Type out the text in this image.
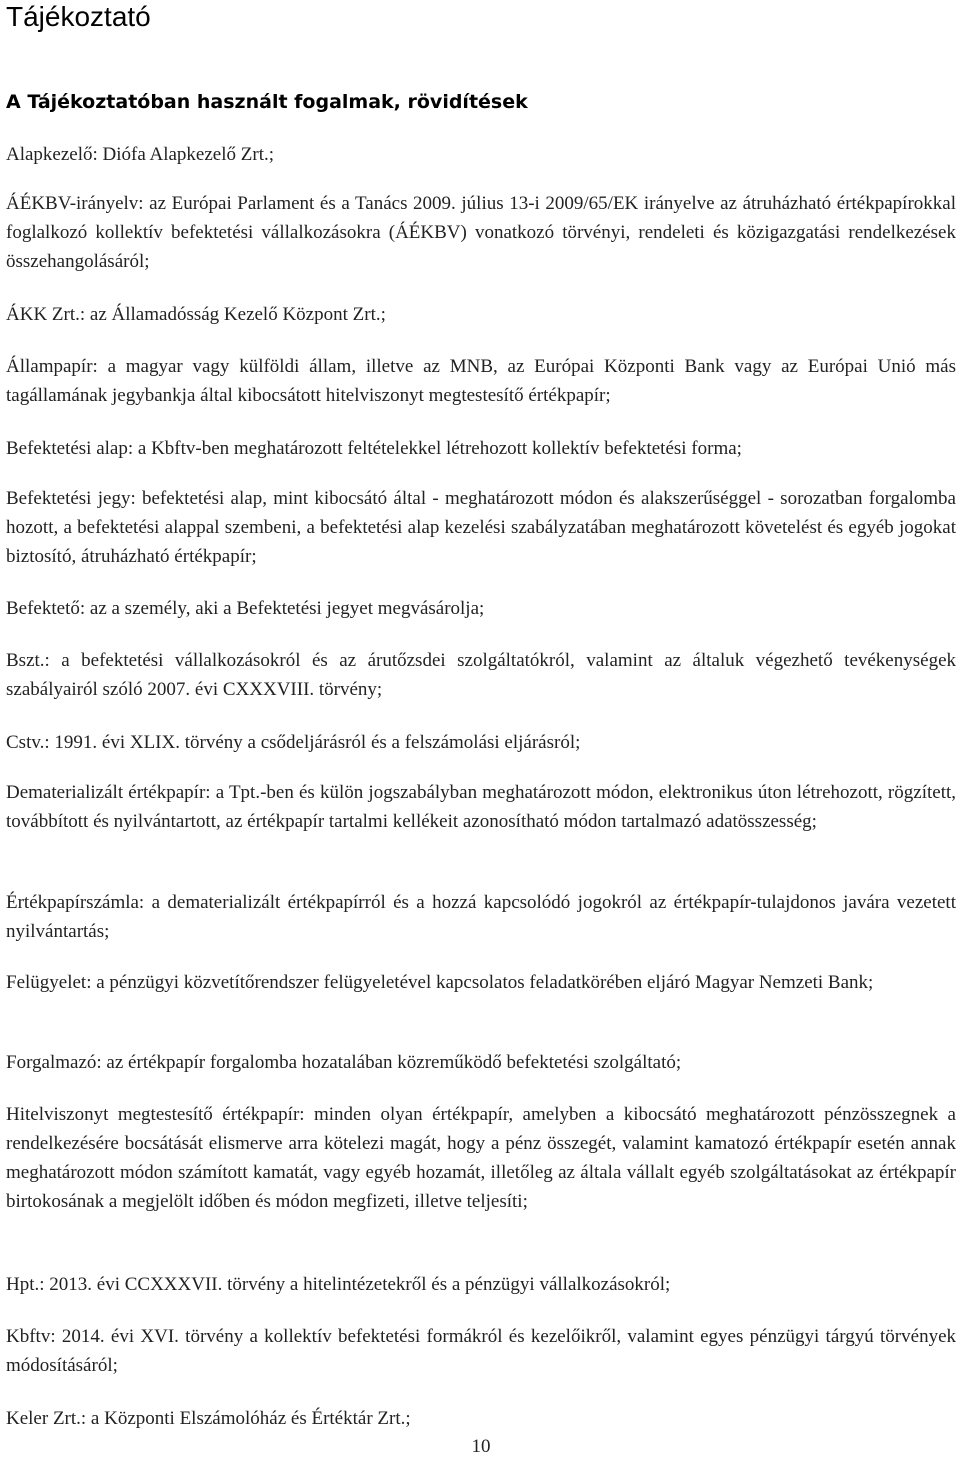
Tájékoztató
A Tájékoztatóban használt fogalmak, rövidítések

Alapkezelő: Diófa Alapkezelő Zrt.;

ÁÉKBV-irányelv: az Európai Parlament és a Tanács 2009. július 13-i 2009/65/EK irányelve az átruházható értékpapírokkal foglalkozó kollektív befektetési vállalkozásokra (ÁÉKBV) vonatkozó törvényi, rendeleti és közigazgatási rendelkezések összehangolásáról;

ÁKK Zrt.: az Államadósság Kezelő Központ Zrt.;

Állampapír: a magyar vagy külföldi állam, illetve az MNB, az Európai Központi Bank vagy az Európai Unió más tagállamának jegybankja által kibocsátott hitelviszonyt megtestesítő értékpapír;

Befektetési alap: a Kbftv-ben meghatározott feltételekkel létrehozott kollektív befektetési forma;

Befektetési jegy: befektetési alap, mint kibocsátó által - meghatározott módon és alakszerűséggel - sorozatban forgalomba hozott, a befektetési alappal szembeni, a befektetési alap kezelési szabályzatában meghatározott követelést és egyéb jogokat biztosító, átruházható értékpapír;

Befektető: az a személy, aki a Befektetési jegyet megvásárolja;

Bszt.: a befektetési vállalkozásokról és az árutőzsdei szolgáltatókról, valamint az általuk végezhető tevékenységek szabályairól szóló 2007. évi CXXXVIII. törvény;

Cstv.: 1991. évi XLIX. törvény a csődeljárásról és a felszámolási eljárásról;

Dematerializált értékpapír: a Tpt.-ben és külön jogszabályban meghatározott módon, elektronikus úton létrehozott, rögzített, továbbított és nyilvántartott, az értékpapír tartalmi kellékeit azonosítható módon tartalmazó adatösszesség;

Értékpapírszámla: a dematerializált értékpapírról és a hozzá kapcsolódó jogokról az értékpapír-tulajdonos javára vezetett nyilvántartás;

Felügyelet: a pénzügyi közvetítőrendszer felügyeletével kapcsolatos feladatkörében eljáró Magyar Nemzeti Bank;

Forgalmazó: az értékpapír forgalomba hozatalában közreműködő befektetési szolgáltató;

Hitelviszonyt megtestesítő értékpapír: minden olyan értékpapír, amelyben a kibocsátó meghatározott pénzösszegnek a rendelkezésére bocsátását elismerve arra kötelezi magát, hogy a pénz összegét, valamint kamatozó értékpapír esetén annak meghatározott módon számított kamatát, vagy egyéb hozamát, illetőleg az általa vállalt egyéb szolgáltatásokat az értékpapír birtokosának a megjelölt időben és módon megfizeti, illetve teljesíti;

Hpt.: 2013. évi CCXXXVII. törvény a hitelintézetekről és a pénzügyi vállalkozásokról;

Kbftv: 2014. évi XVI. törvény a kollektív befektetési formákról és kezelőikről, valamint egyes pénzügyi tárgyú törvények módosításáról;

Keler Zrt.: a Központi Elszámolóház és Értéktár Zrt.;

10
